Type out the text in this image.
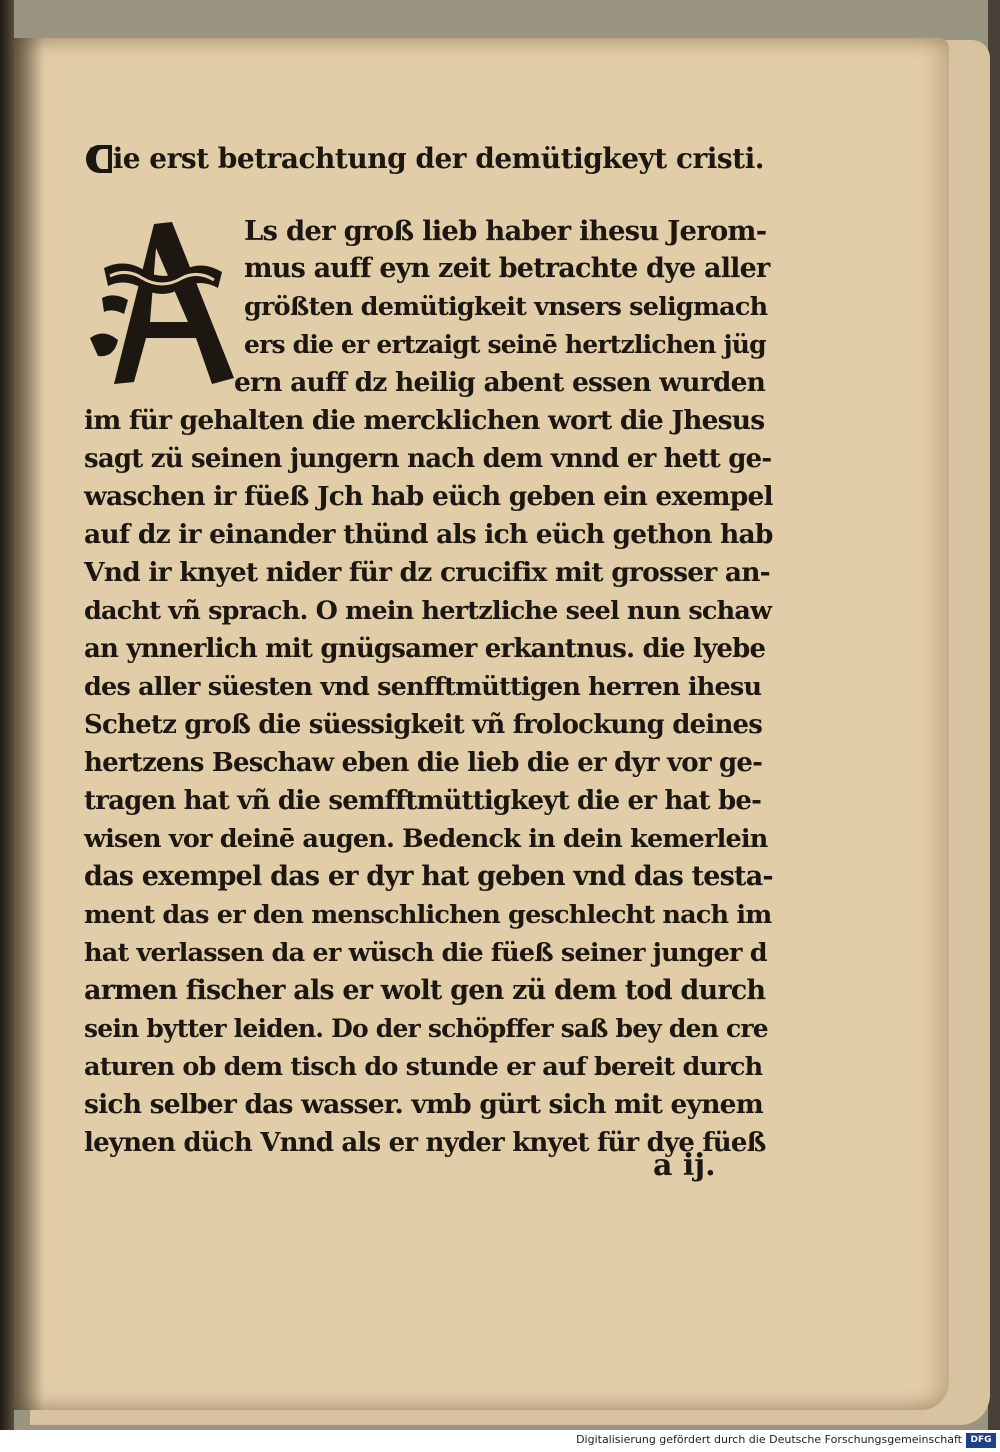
Die erst betrachtung der demütigkeyt cristi.
A
Ls der groß lieb haber ihesu Jerom-
mus auff eyn zeit betrachte dye aller
größten demütigkeit vnsers seligmach
ers die er ertzaigt seinē hertzlichen jüg
ern auff dz heilig abent essen wurden
im für gehalten die mercklichen wort die Jhesus
sagt zü seinen jungern nach dem vnnd er hett ge-
waschen ir füeß Jch hab eüch geben ein exempel
auf dz ir einander thünd als ich eüch gethon hab
Vnd ir knyet nider für dz crucifix mit grosser an-
dacht vñ sprach. O mein hertzliche seel nun schaw
an ynnerlich mit gnügsamer erkantnus. die lyebe
des aller süesten vnd senfftmüttigen herren ihesu
Schetz groß die süessigkeit vñ frolockung deines
hertzens Beschaw eben die lieb die er dyr vor ge-
tragen hat vñ die semfftmüttigkeyt die er hat be-
wisen vor deinē augen. Bedenck in dein kemerlein
das exempel das er dyr hat geben vnd das testa-
ment das er den menschlichen geschlecht nach im
hat verlassen da er wüsch die füeß seiner junger d
armen fischer als er wolt gen zü dem tod durch
sein bytter leiden. Do der schöpffer saß bey den cre
aturen ob dem tisch do stunde er auf bereit durch
sich selber das wasser. vmb gürt sich mit eynem
leynen düch Vnnd als er nyder knyet für dye füeß
a ij.
Digitalisierung gefördert durch die Deutsche Forschungsgemeinschaft DFG
